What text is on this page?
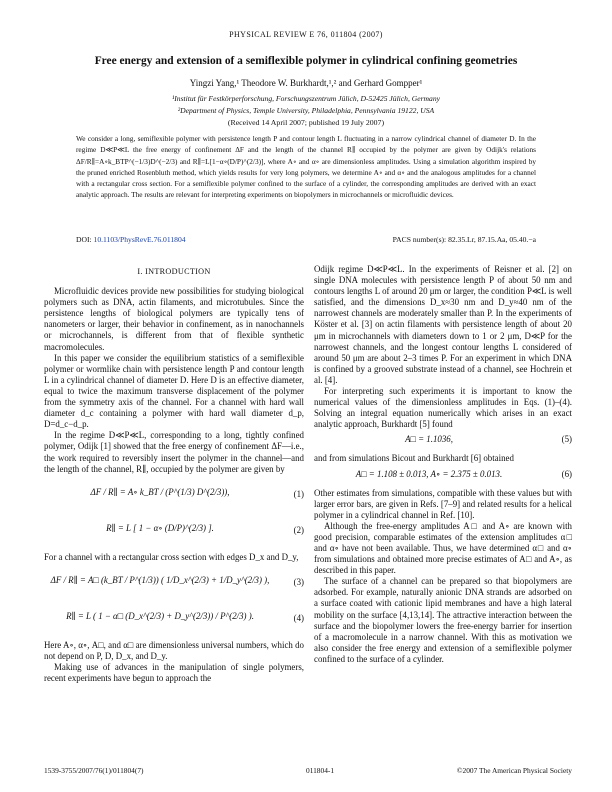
PHYSICAL REVIEW E 76, 011804 (2007)
Free energy and extension of a semiflexible polymer in cylindrical confining geometries
Yingzi Yang,¹ Theodore W. Burkhardt,¹,² and Gerhard Gompper¹
¹Institut für Festkörperforschung, Forschungszentrum Jülich, D-52425 Jülich, Germany
²Department of Physics, Temple University, Philadelphia, Pennsylvania 19122, USA
(Received 14 April 2007; published 19 July 2007)
We consider a long, semiflexible polymer with persistence length P and contour length L fluctuating in a narrow cylindrical channel of diameter D. In the regime D≪P≪L the free energy of confinement ΔF and the length of the channel R∥ occupied by the polymer are given by Odijk's relations ΔF/R∥=A∘k_BTP^(−1/3)D^(−2/3) and R∥=L[1−α∘(D/P)^(2/3)], where A∘ and α∘ are dimensionless amplitudes. Using a simulation algorithm inspired by the pruned enriched Rosenbluth method, which yields results for very long polymers, we determine A∘ and α∘ and the analogous amplitudes for a channel with a rectangular cross section. For a semiflexible polymer confined to the surface of a cylinder, the corresponding amplitudes are derived with an exact analytic approach. The results are relevant for interpreting experiments on biopolymers in microchannels or microfluidic devices.
DOI: 10.1103/PhysRevE.76.011804	PACS number(s): 82.35.Lr, 87.15.Aa, 05.40.−a
I. INTRODUCTION

Microfluidic devices provide new possibilities for studying biological polymers such as DNA, actin filaments, and microtubules. Since the persistence lengths of biological polymers are typically tens of nanometers or larger, their behavior in confinement, as in nanochannels or microchannels, is different from that of flexible synthetic macromolecules.

In this paper we consider the equilibrium statistics of a semiflexible polymer or wormlike chain with persistence length P and contour length L in a cylindrical channel of diameter D. Here D is an effective diameter, equal to twice the maximum transverse displacement of the polymer from the symmetry axis of the channel. For a channel with hard wall diameter d_c containing a polymer with hard wall diameter d_p, D=d_c−d_p.

In the regime D≪P≪L, corresponding to a long, tightly confined polymer, Odijk [1] showed that the free energy of confinement ΔF—i.e., the work required to reversibly insert the polymer in the channel—and the length of the channel, R∥, occupied by the polymer are given by

ΔF / R∥ = A∘ k_BT / (P^(1/3) D^(2/3)),	(1)
R∥ = L [ 1 − α∘ (D/P)^(2/3) ].	(2)

For a channel with a rectangular cross section with edges D_x and D_y,

ΔF / R∥ = A□ (k_BT / P^(1/3)) ( 1/D_x^(2/3) + 1/D_y^(2/3) ),	(3)
R∥ = L ( 1 − α□ (D_x^(2/3) + D_y^(2/3)) / P^(2/3) ).	(4)

Here A∘, α∘, A□, and α□ are dimensionless universal numbers, which do not depend on P, D, D_x, and D_y.

Making use of advances in the manipulation of single polymers, recent experiments have begun to approach the

Odijk regime D≪P≪L. In the experiments of Reisner et al. [2] on single DNA molecules with persistence length P of about 50 nm and contours lengths L of around 20 μm or larger, the condition P≪L is well satisfied, and the dimensions D_x≈30 nm and D_y≈40 nm of the narrowest channels are moderately smaller than P. In the experiments of Köster et al. [3] on actin filaments with persistence length of about 20 μm in microchannels with diameters down to 1 or 2 μm, D≪P for the narrowest channels, and the longest contour lengths L considered of around 50 μm are about 2–3 times P. For an experiment in which DNA is confined by a grooved substrate instead of a channel, see Hochrein et al. [4].

For interpreting such experiments it is important to know the numerical values of the dimensionless amplitudes in Eqs. (1)–(4). Solving an integral equation numerically which arises in an exact analytic approach, Burkhardt [5] found

A□ = 1.1036,	(5)

and from simulations Bicout and Burkhardt [6] obtained

A□ = 1.108 ± 0.013, A∘ = 2.375 ± 0.013.	(6)

Other estimates from simulations, compatible with these values but with larger error bars, are given in Refs. [7–9] and related results for a helical polymer in a cylindrical channel in Ref. [10].

Although the free-energy amplitudes A□ and A∘ are known with good precision, comparable estimates of the extension amplitudes α□ and α∘ have not been available. Thus, we have determined α□ and α∘ from simulations and obtained more precise estimates of A□ and A∘, as described in this paper.

The surface of a channel can be prepared so that biopolymers are adsorbed. For example, naturally anionic DNA strands are adsorbed on a surface coated with cationic lipid membranes and have a high lateral mobility on the surface [4,13,14]. The attractive interaction between the surface and the biopolymer lowers the free-energy barrier for insertion of a macromolecule in a narrow channel. With this as motivation we also consider the free energy and extension of a semiflexible polymer confined to the surface of a cylinder.

1539-3755/2007/76(1)/011804(7)	011804-1	©2007 The American Physical Society
